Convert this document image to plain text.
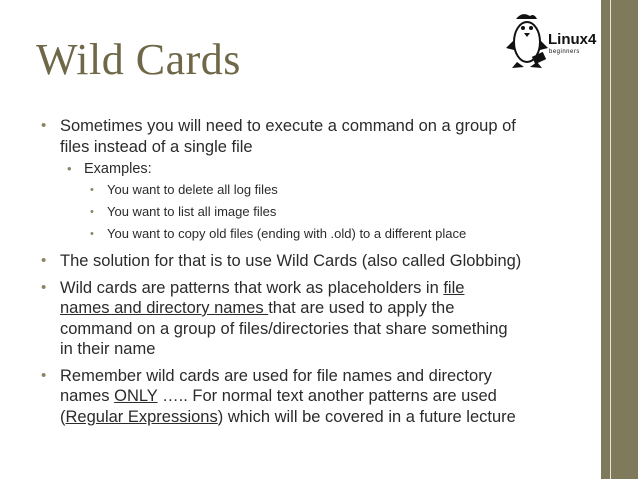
Wild Cards	Linux4
beginners
• Sometimes you will need to execute a command on a group of
files instead of a single file
• Examples:
• You want to delete all log files
• You want to list all image files
• You want to copy old files (ending with .old) to a different place
• The solution for that is to use Wild Cards (also called Globbing)
• Wild cards are patterns that work as placeholders in file
names and directory names that are used to apply the
command on a group of files/directories that share something
in their name
• Remember wild cards are used for file names and directory
names ONLY ….. For normal text another patterns are used
(Regular Expressions) which will be covered in a future lecture
